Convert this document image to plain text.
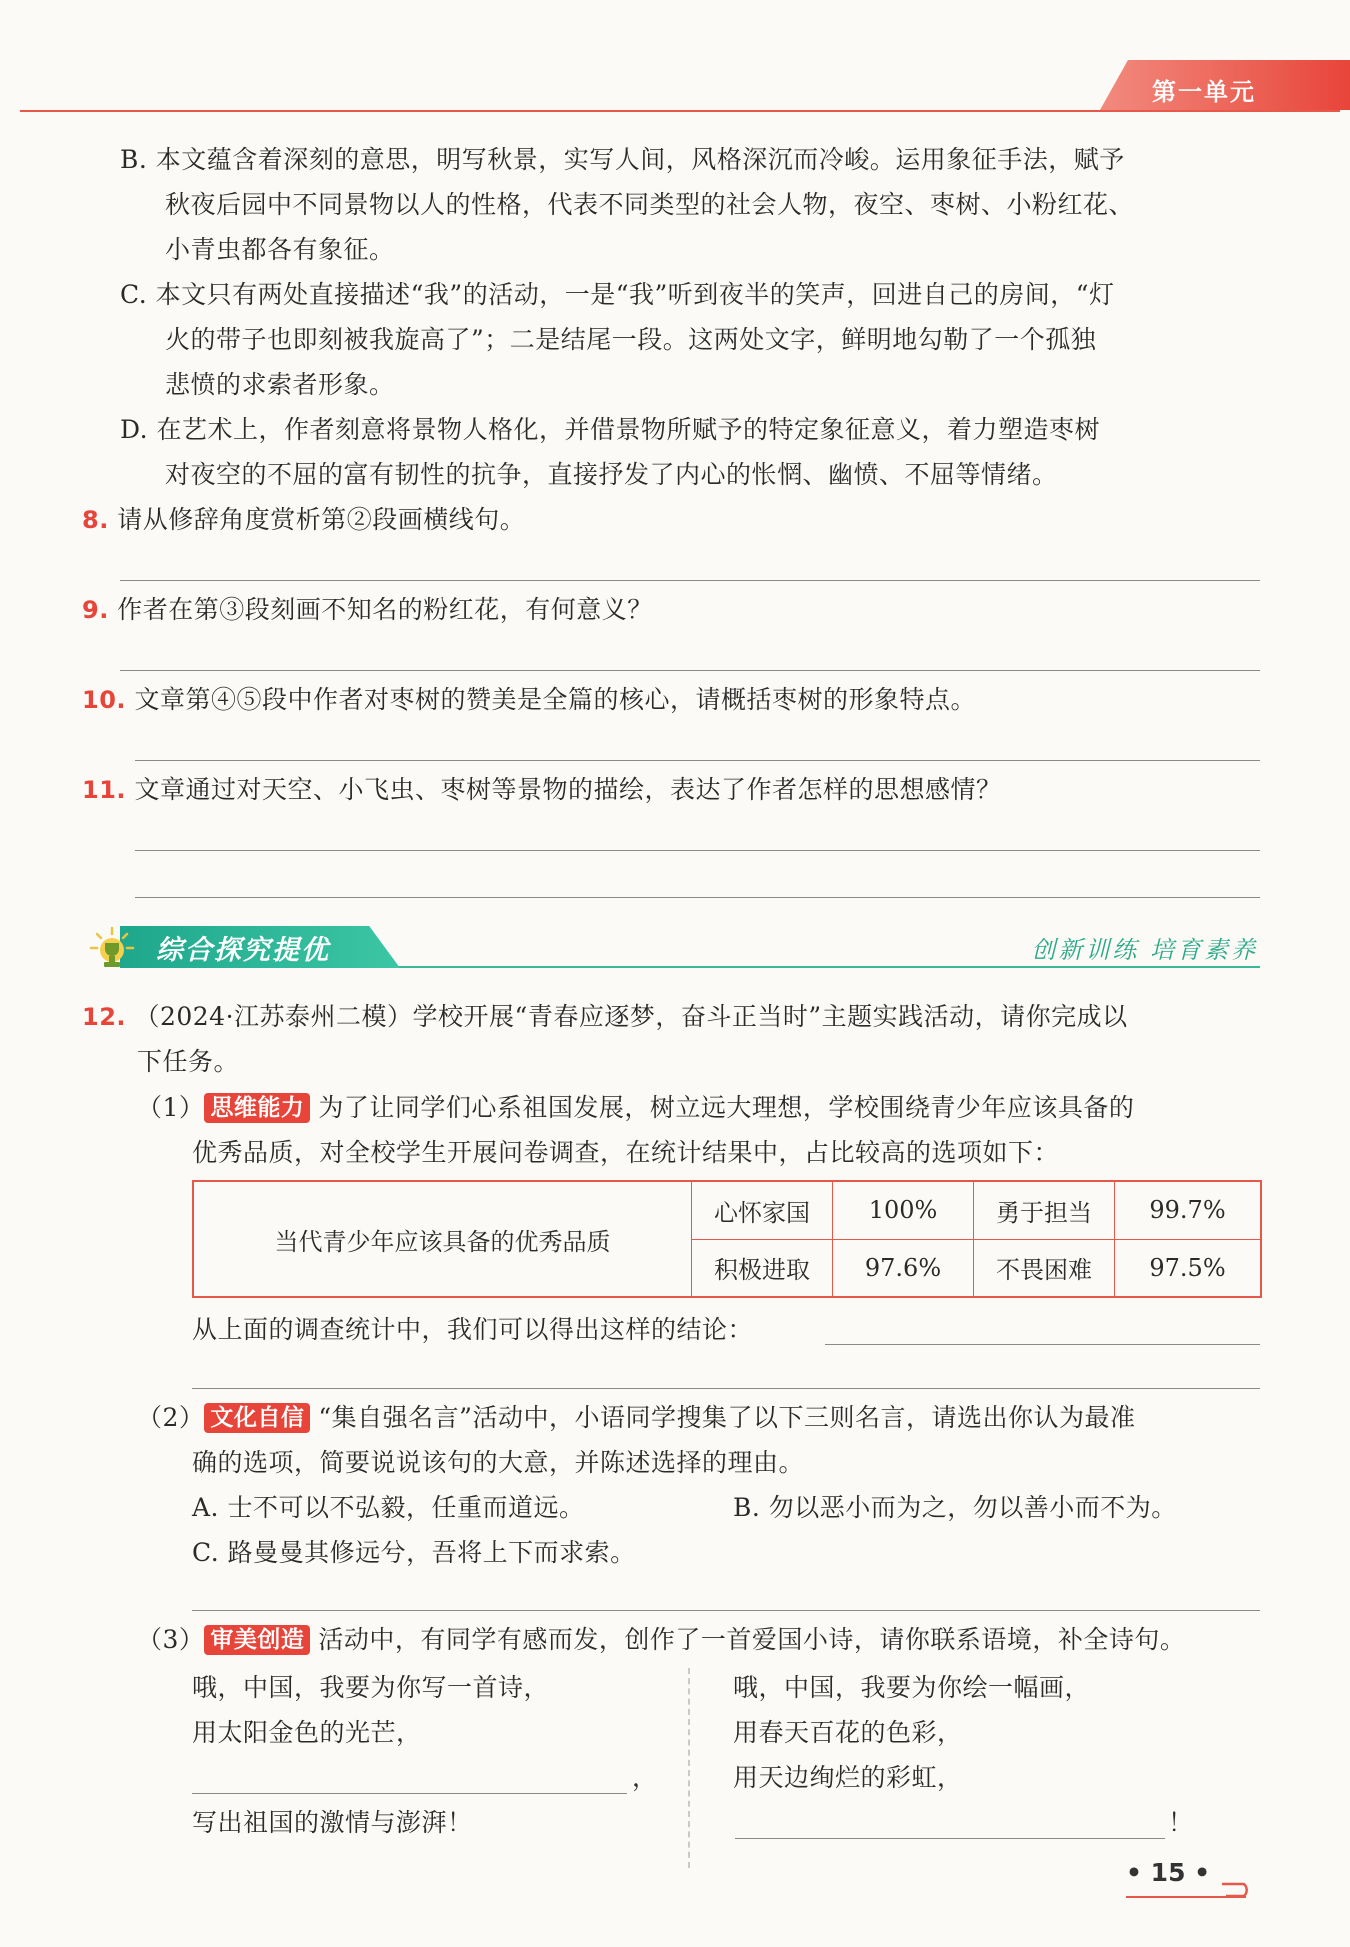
第一单元
B. 本文蕴含着深刻的意思，明写秋景，实写人间，风格深沉而冷峻。运用象征手法，赋予
秋夜后园中不同景物以人的性格，代表不同类型的社会人物，夜空、枣树、小粉红花、
小青虫都各有象征。
C. 本文只有两处直接描述“我”的活动，一是“我”听到夜半的笑声，回进自己的房间，“灯
火的带子也即刻被我旋高了”；二是结尾一段。这两处文字，鲜明地勾勒了一个孤独
悲愤的求索者形象。
D. 在艺术上，作者刻意将景物人格化，并借景物所赋予的特定象征意义，着力塑造枣树
对夜空的不屈的富有韧性的抗争，直接抒发了内心的怅惘、幽愤、不屈等情绪。
8. 请从修辞角度赏析第②段画横线句。
9. 作者在第③段刻画不知名的粉红花，有何意义？
10. 文章第④⑤段中作者对枣树的赞美是全篇的核心，请概括枣树的形象特点。
11. 文章通过对天空、小飞虫、枣树等景物的描绘，表达了作者怎样的思想感情？
综合探究提优	创新训练 培育素养
12. （2024·江苏泰州二模）学校开展“青春应逐梦，奋斗正当时”主题实践活动，请你完成以
下任务。
（1） 思维能力 为了让同学们心系祖国发展，树立远大理想，学校围绕青少年应该具备的
优秀品质，对全校学生开展问卷调查，在统计结果中，占比较高的选项如下：
当代青少年应该具备的优秀品质	心怀家国	100%	勇于担当	99.7%
	积极进取	97.6%	不畏困难	97.5%
从上面的调查统计中，我们可以得出这样的结论：
（2） 文化自信 “集自强名言”活动中，小语同学搜集了以下三则名言，请选出你认为最准
确的选项，简要说说该句的大意，并陈述选择的理由。
A. 士不可以不弘毅，任重而道远。	B. 勿以恶小而为之，勿以善小而不为。
C. 路曼曼其修远兮，吾将上下而求索。
（3） 审美创造 活动中，有同学有感而发，创作了一首爱国小诗，请你联系语境，补全诗句。
哦，中国，我要为你写一首诗，
用太阳金色的光芒，
，
写出祖国的激情与澎湃！
哦，中国，我要为你绘一幅画，
用春天百花的色彩，
用天边绚烂的彩虹，
！
• 15 •
